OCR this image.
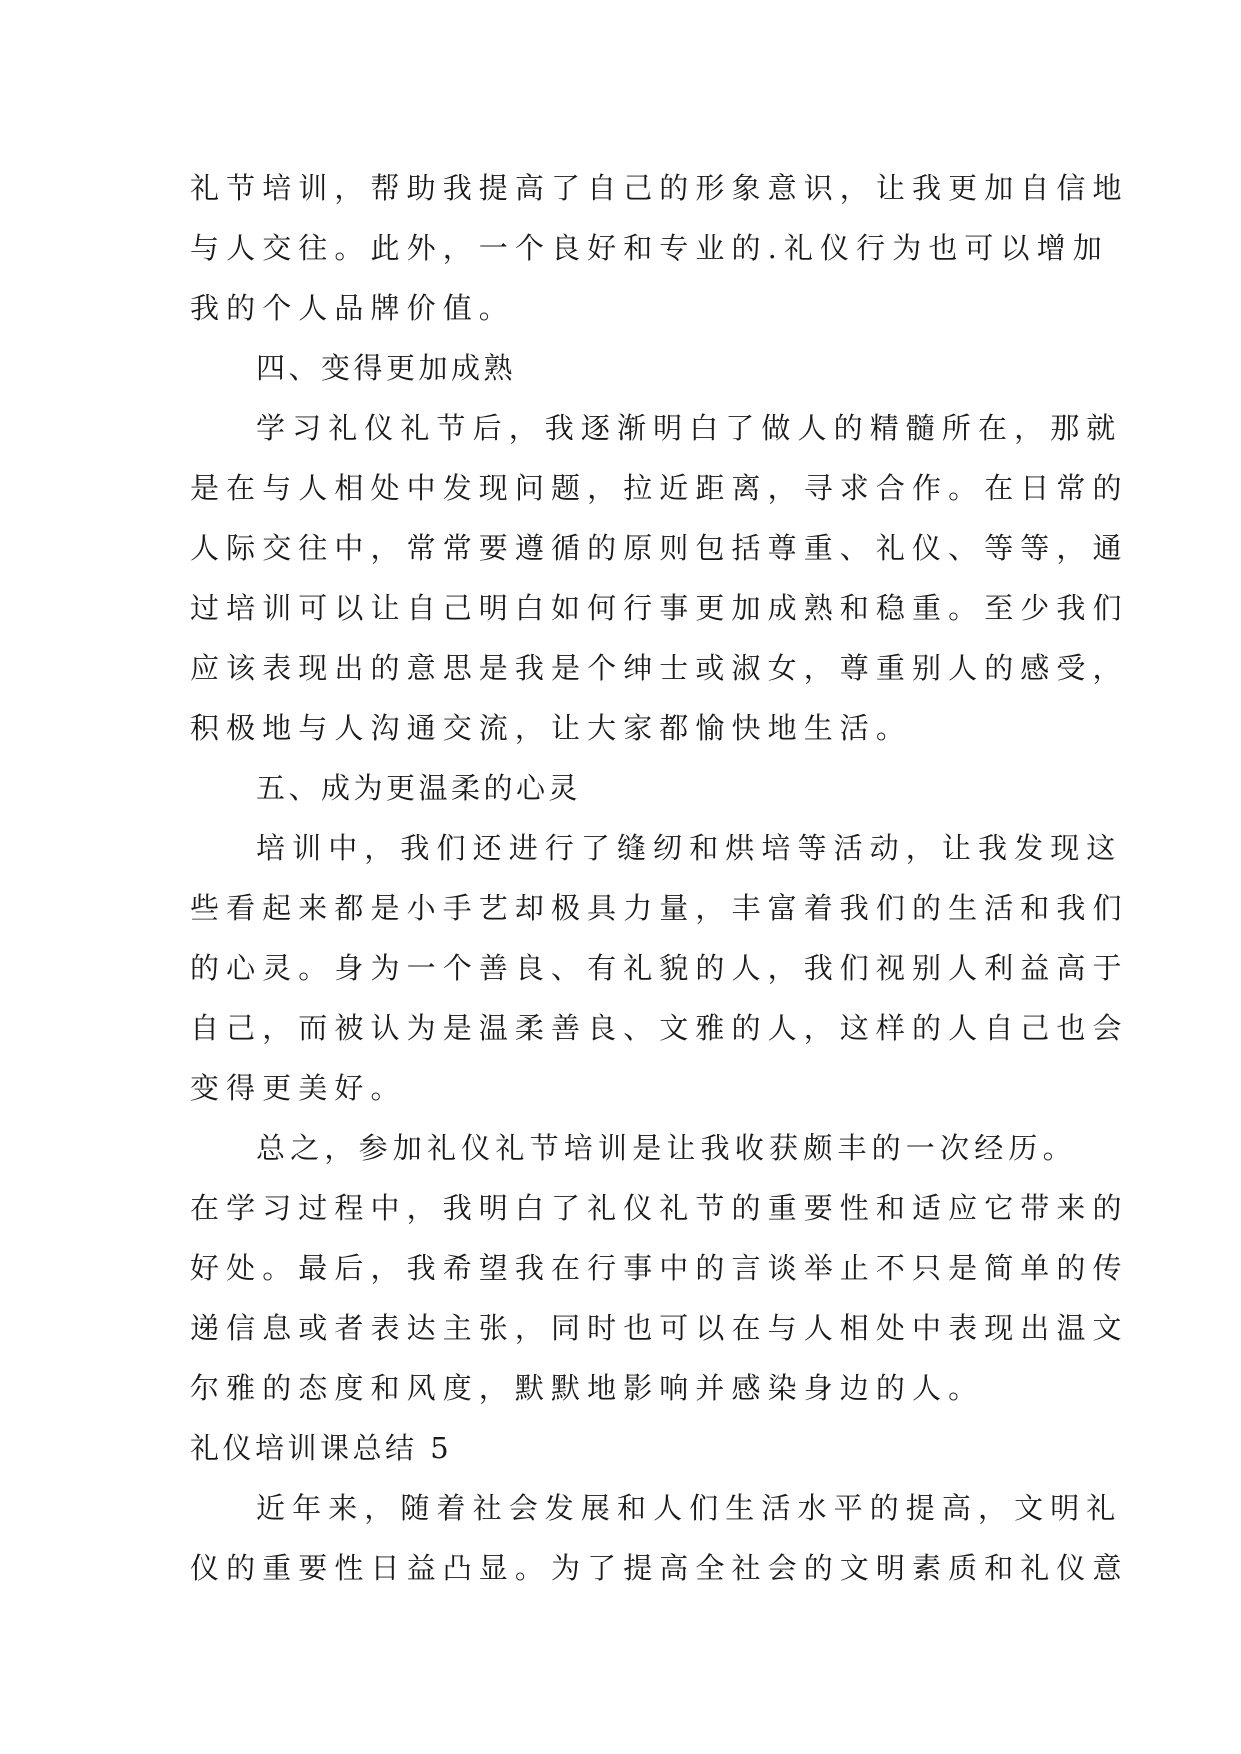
礼节培训，帮助我提高了自己的形象意识，让我更加自信地
与人交往。此外，一个良好和专业的.礼仪行为也可以增加
我的个人品牌价值。
四、变得更加成熟
学习礼仪礼节后，我逐渐明白了做人的精髓所在，那就
是在与人相处中发现问题，拉近距离，寻求合作。在日常的
人际交往中，常常要遵循的原则包括尊重、礼仪、等等，通
过培训可以让自己明白如何行事更加成熟和稳重。至少我们
应该表现出的意思是我是个绅士或淑女，尊重别人的感受，
积极地与人沟通交流，让大家都愉快地生活。
五、成为更温柔的心灵
培训中，我们还进行了缝纫和烘培等活动，让我发现这
些看起来都是小手艺却极具力量，丰富着我们的生活和我们
的心灵。身为一个善良、有礼貌的人，我们视别人利益高于
自己，而被认为是温柔善良、文雅的人，这样的人自己也会
变得更美好。
总之，参加礼仪礼节培训是让我收获颇丰的一次经历。
在学习过程中，我明白了礼仪礼节的重要性和适应它带来的
好处。最后，我希望我在行事中的言谈举止不只是简单的传
递信息或者表达主张，同时也可以在与人相处中表现出温文
尔雅的态度和风度，默默地影响并感染身边的人。
礼仪培训课总结 5
近年来，随着社会发展和人们生活水平的提高，文明礼
仪的重要性日益凸显。为了提高全社会的文明素质和礼仪意
